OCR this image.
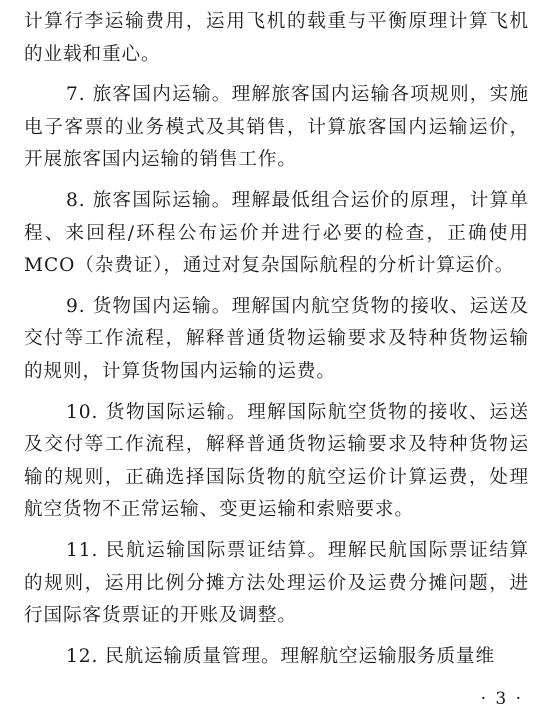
计算行李运输费用，运用飞机的载重与平衡原理计算飞机的业载和重心。

7. 旅客国内运输。理解旅客国内运输各项规则，实施电子客票的业务模式及其销售，计算旅客国内运输运价，开展旅客国内运输的销售工作。

8. 旅客国际运输。理解最低组合运价的原理，计算单程、来回程/环程公布运价并进行必要的检查，正确使用MCO（杂费证），通过对复杂国际航程的分析计算运价。

9. 货物国内运输。理解国内航空货物的接收、运送及交付等工作流程，解释普通货物运输要求及特种货物运输的规则，计算货物国内运输的运费。

10. 货物国际运输。理解国际航空货物的接收、运送及交付等工作流程，解释普通货物运输要求及特种货物运输的规则，正确选择国际货物的航空运价计算运费，处理航空货物不正常运输、变更运输和索赔要求。

11. 民航运输国际票证结算。理解民航国际票证结算的规则，运用比例分摊方法处理运价及运费分摊问题，进行国际客货票证的开账及调整。

12. 民航运输质量管理。理解航空运输服务质量维

· 3 ·
